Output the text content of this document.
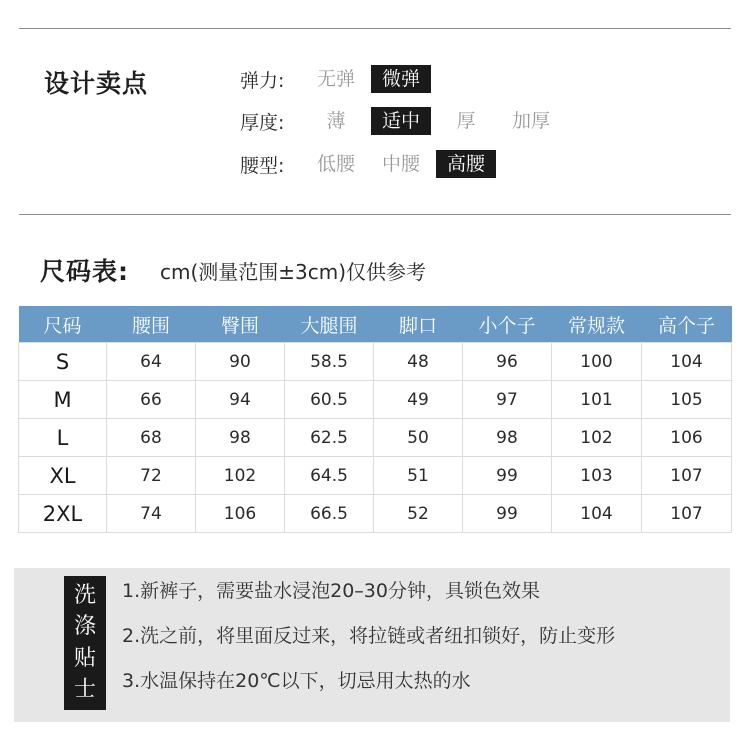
设计卖点	弹力:	无弹	微弹
厚度:	薄	适中	厚	加厚
腰型:	低腰	中腰	高腰
尺码表: cm(测量范围±3cm)仅供参考
尺码	腰围	臀围	大腿围	脚口	小个子	常规款	高个子
S	64	90	58.5	48	96	100	104
M	66	94	60.5	49	97	101	105
L	68	98	62.5	50	98	102	106
XL	72	102	64.5	51	99	103	107
2XL	74	106	66.5	52	99	104	107
洗
涤
贴
士
1.新裤子，需要盐水浸泡20–30分钟，具锁色效果
2.洗之前，将里面反过来，将拉链或者纽扣锁好，防止变形
3.水温保持在20℃以下，切忌用太热的水
